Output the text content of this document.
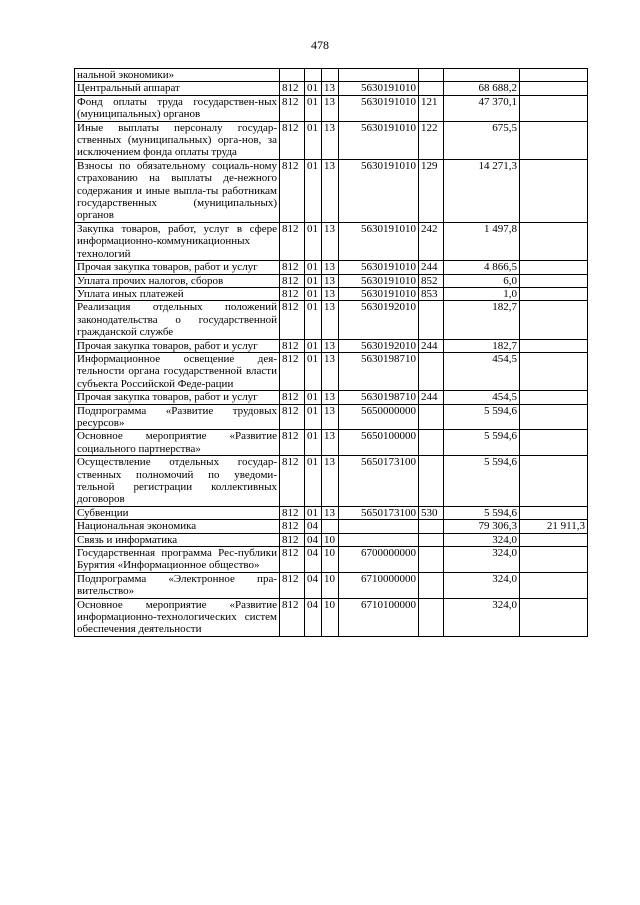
478
нальной экономики»							
Центральный аппарат	812	01	13	5630191010		68 688,2	
Фонд оплаты труда государствен-ных (муниципальных) органов	812	01	13	5630191010	121	47 370,1	
Иные выплаты персоналу государ-ственных (муниципальных) орга-нов, за исключением фонда оплаты труда	812	01	13	5630191010	122	675,5	
Взносы по обязательному социаль-ному страхованию на выплаты де-нежного содержания и иные выпла-ты работникам государственных (муниципальных) органов	812	01	13	5630191010	129	14 271,3	
Закупка товаров, работ, услуг в сфере информационно-коммуникационных технологий	812	01	13	5630191010	242	1 497,8	
Прочая закупка товаров, работ и услуг	812	01	13	5630191010	244	4 866,5	
Уплата прочих налогов, сборов	812	01	13	5630191010	852	6,0	
Уплата иных платежей	812	01	13	5630191010	853	1,0	
Реализация отдельных положений законодательства о государственной гражданской службе	812	01	13	5630192010		182,7	
Прочая закупка товаров, работ и услуг	812	01	13	5630192010	244	182,7	
Информационное освещение дея-тельности органа государственной власти субъекта Российской Феде-рации	812	01	13	5630198710		454,5	
Прочая закупка товаров, работ и услуг	812	01	13	5630198710	244	454,5	
Подпрограмма «Развитие трудовых ресурсов»	812	01	13	5650000000		5 594,6	
Основное мероприятие «Развитие социального партнерства»	812	01	13	5650100000		5 594,6	
Осуществление отдельных государ-ственных полномочий по уведоми-тельной регистрации коллективных договоров	812	01	13	5650173100		5 594,6	
Субвенции	812	01	13	5650173100	530	5 594,6	
Национальная экономика	812	04				79 306,3	21 911,3
Связь и информатика	812	04	10			324,0	
Государственная программа Рес-публики Бурятия «Информационное общество»	812	04	10	6700000000		324,0	
Подпрограмма «Электронное пра-вительство»	812	04	10	6710000000		324,0	
Основное мероприятие «Развитие информационно-технологических систем обеспечения деятельности	812	04	10	6710100000		324,0	
